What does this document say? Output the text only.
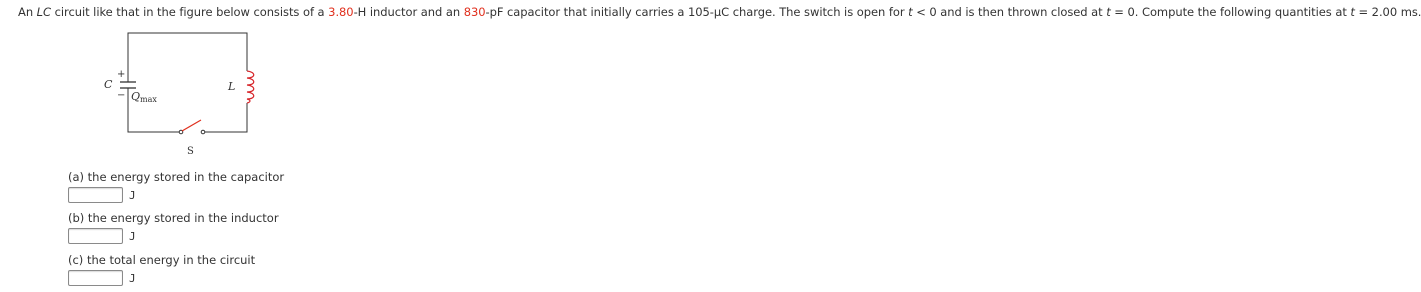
An LC circuit like that in the figure below consists of a 3.80-H inductor and an 830-pF capacitor that initially carries a 105-μC charge. The switch is open for t < 0 and is then thrown closed at t = 0. Compute the following quantities at t = 2.00 ms.
C
+
− Q max
L
S
(a) the energy stored in the capacitor
J
(b) the energy stored in the inductor
J
(c) the total energy in the circuit
J
